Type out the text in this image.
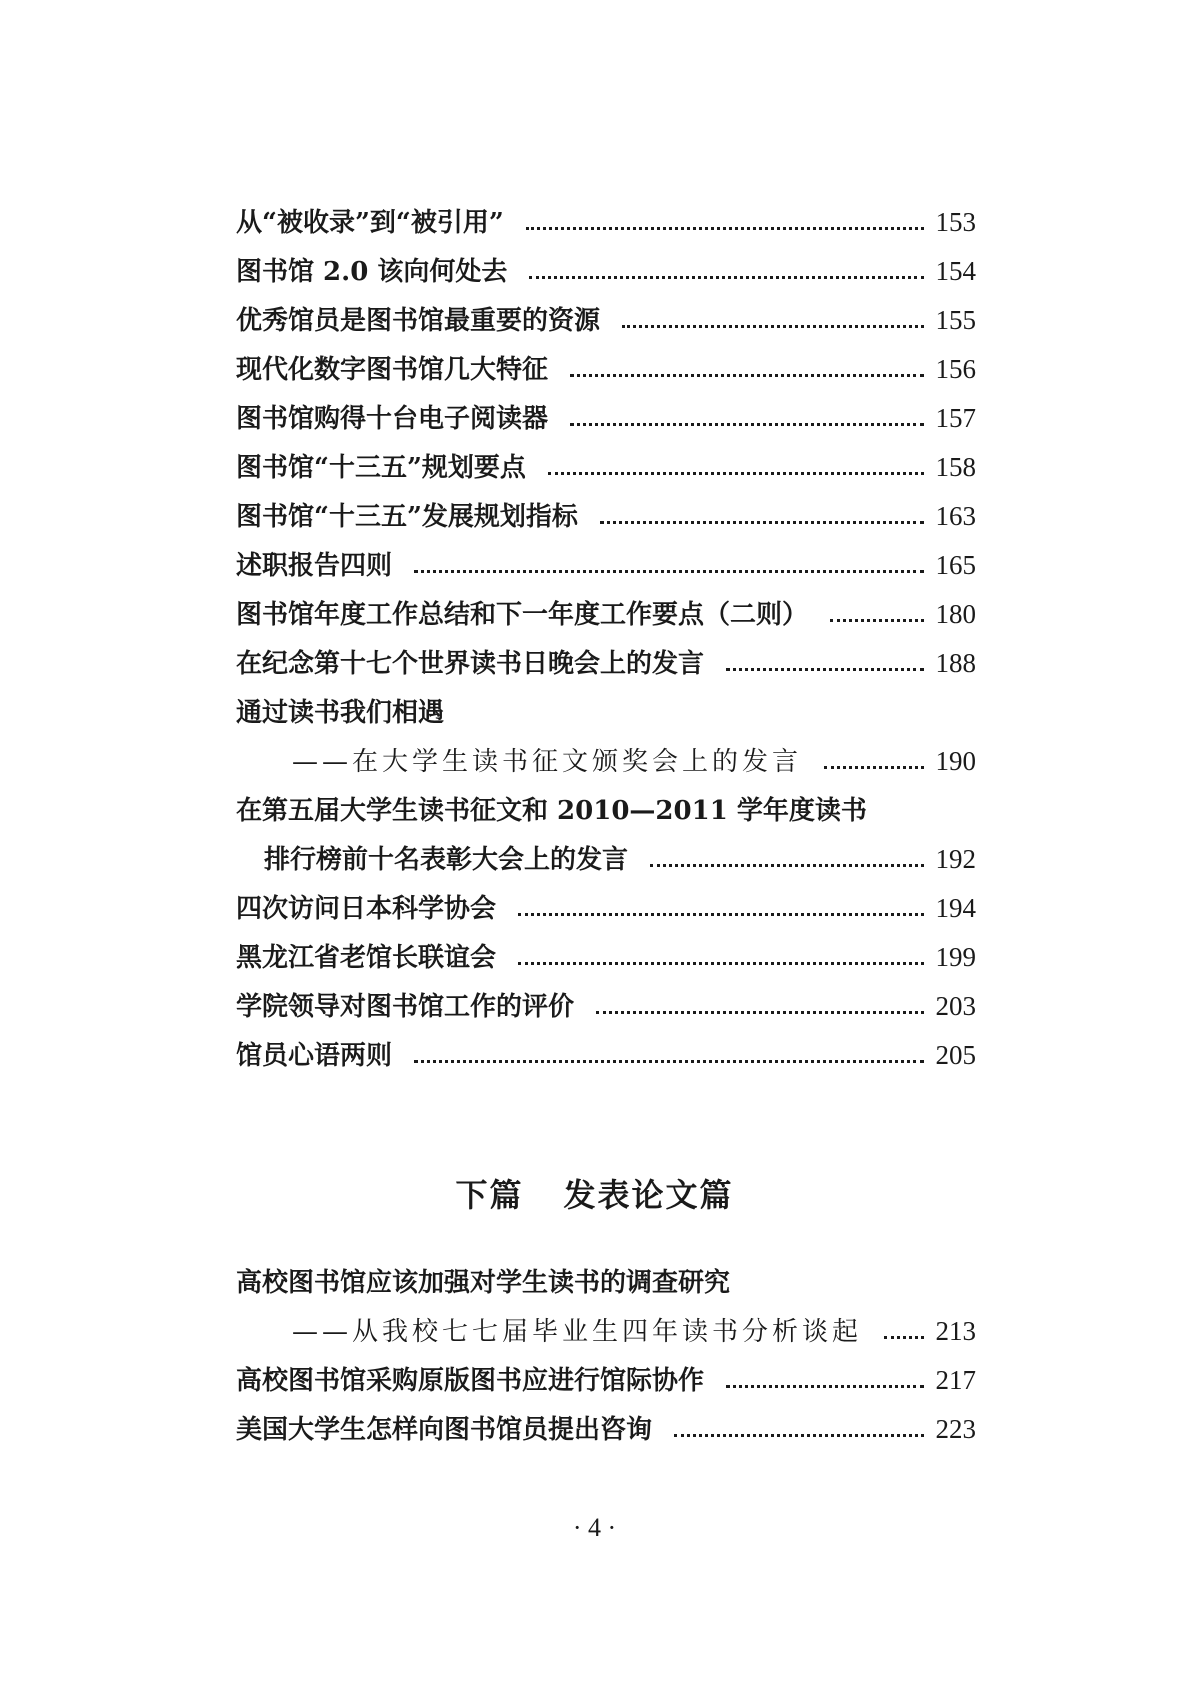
从“被收录”到“被引用”	153
图书馆 2.0 该向何处去	154
优秀馆员是图书馆最重要的资源	155
现代化数字图书馆几大特征	156
图书馆购得十台电子阅读器	157
图书馆“十三五”规划要点	158
图书馆“十三五”发展规划指标	163
述职报告四则	165
图书馆年度工作总结和下一年度工作要点（二则）	180
在纪念第十七个世界读书日晚会上的发言	188
通过读书我们相遇
——在大学生读书征文颁奖会上的发言	190
在第五届大学生读书征文和 2010—2011 学年度读书
排行榜前十名表彰大会上的发言	192
四次访问日本科学协会	194
黑龙江省老馆长联谊会	199
学院领导对图书馆工作的评价	203
馆员心语两则	205
下篇 发表论文篇
高校图书馆应该加强对学生读书的调查研究
——从我校七七届毕业生四年读书分析谈起	213
高校图书馆采购原版图书应进行馆际协作	217
美国大学生怎样向图书馆员提出咨询	223
· 4 ·
